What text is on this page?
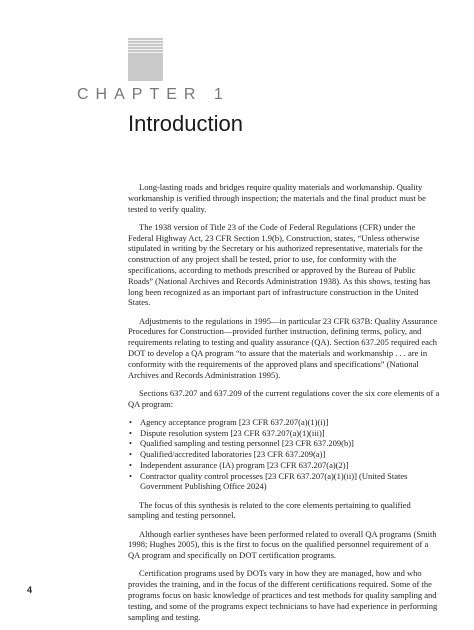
CHAPTER 1
Introduction

Long-lasting roads and bridges require quality materials and workmanship. Quality workmanship is verified through inspection; the materials and the final product must be tested to verify quality.

The 1938 version of Title 23 of the Code of Federal Regulations (CFR) under the Federal Highway Act, 23 CFR Section 1.9(b), Construction, states, “Unless otherwise stipulated in writing by the Secretary or his authorized representative, materials for the construction of any project shall be tested, prior to use, for conformity with the specifications, according to methods prescribed or approved by the Bureau of Public Roads” (National Archives and Records Administration 1938). As this shows, testing has long been recognized as an important part of infrastructure construction in the United States.

Adjustments to the regulations in 1995—in particular 23 CFR 637B: Quality Assurance Procedures for Construction—provided further instruction, defining terms, policy, and requirements relating to testing and quality assurance (QA). Section 637.205 required each DOT to develop a QA program “to assure that the materials and workmanship . . . are in conformity with the requirements of the approved plans and specifications” (National Archives and Records Administration 1995).

Sections 637.207 and 637.209 of the current regulations cover the six core elements of a QA program:

• Agency acceptance program [23 CFR 637.207(a)(1)(i)]
• Dispute resolution system [23 CFR 637.207(a)(1)(iii)]
• Qualified sampling and testing personnel [23 CFR 637.209(b)]
• Qualified/accredited laboratories [23 CFR 637.209(a)]
• Independent assurance (IA) program [23 CFR 637.207(a)(2)]
• Contractor quality control processes [23 CFR 637.207(a)(1)(ii)] (United States Government Publishing Office 2024)

The focus of this synthesis is related to the core elements pertaining to qualified sampling and testing personnel.

Although earlier syntheses have been performed related to overall QA programs (Smith 1998; Hughes 2005), this is the first to focus on the qualified personnel requirement of a QA program and specifically on DOT certification programs.

Certification programs used by DOTs vary in how they are managed, how and who provides the training, and in the focus of the different certifications required. Some of the programs focus on basic knowledge of practices and test methods for quality sampling and testing, and some of the programs expect technicians to have had experience in performing sampling and testing.

4
